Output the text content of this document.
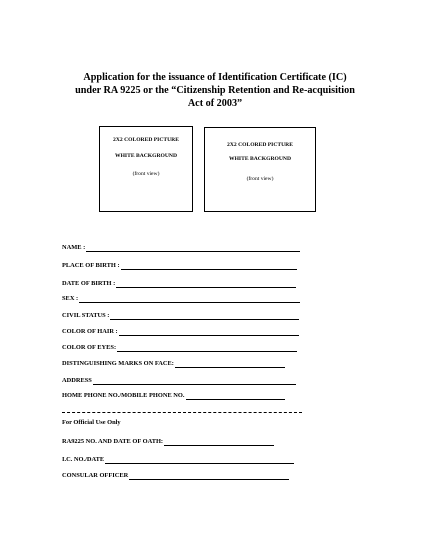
Application for the issuance of Identification Certificate (IC)
under RA 9225 or the “Citizenship Retention and Re-acquisition
Act of 2003”
2X2 COLORED PICTURE
WHITE BACKGROUND
(front view)
2X2 COLORED PICTURE
WHITE BACKGROUND
(front view)
NAME :
PLACE OF BIRTH :
DATE OF BIRTH :
SEX :
CIVIL STATUS :
COLOR OF HAIR :
COLOR OF EYES:
DISTINGUISHING MARKS ON FACE:
ADDRESS
HOME PHONE NO./MOBILE PHONE NO.
For Official Use Only
RA9225 NO. AND DATE OF OATH:
I.C. NO./DATE
CONSULAR OFFICER
